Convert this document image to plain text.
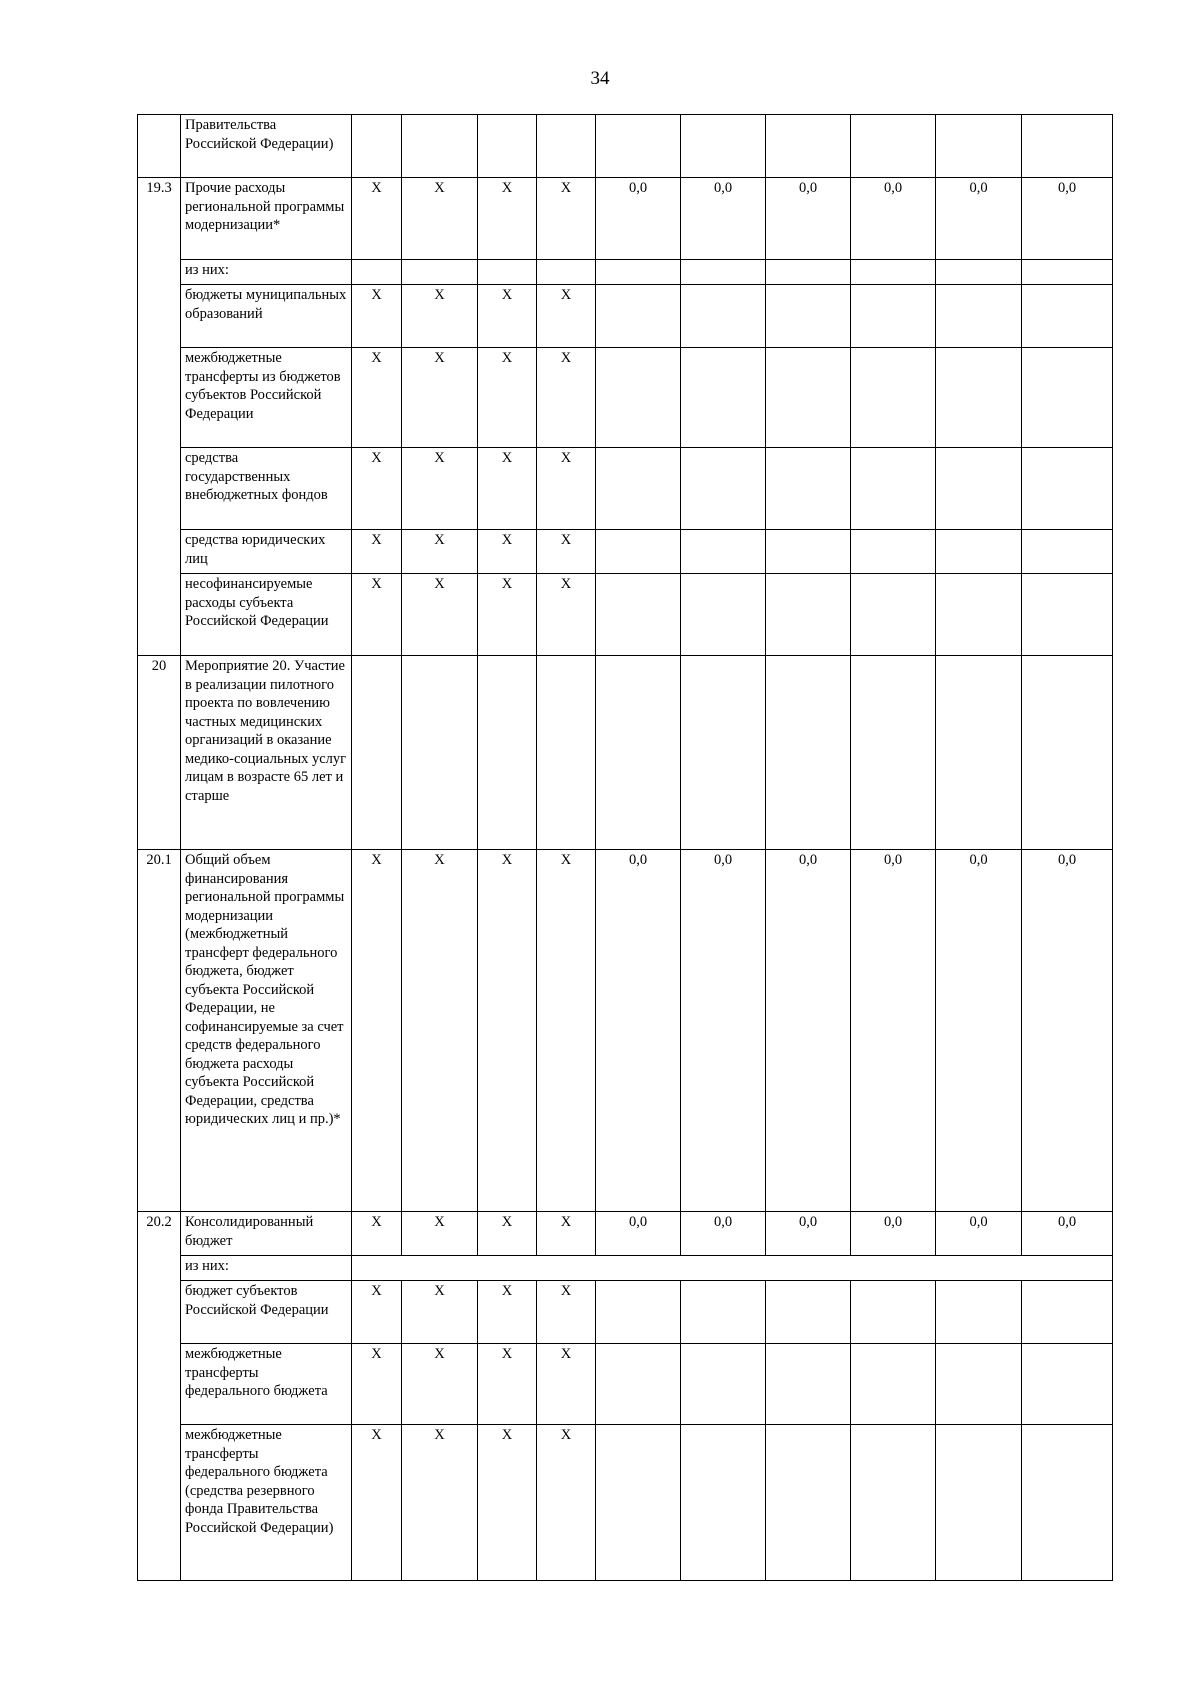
34
	Правительства Российской Федерации)										
19.3	Прочие расходы региональной программы модернизации*	X	X	X	X	0,0	0,0	0,0	0,0	0,0	0,0
	из них:										
	бюджеты муниципальных образований	X	X	X	X						
	межбюджетные трансферты из бюджетов субъектов Российской Федерации	X	X	X	X						
	средства государственных внебюджетных фондов	X	X	X	X						
	средства юридических лиц	X	X	X	X						
	несофинансируемые расходы субъекта Российской Федерации	X	X	X	X						
20	Мероприятие 20. Участие в реализации пилотного проекта по вовлечению частных медицинских организаций в оказание медико-социальных услуг лицам в возрасте 65 лет и старше										
20.1	Общий объем финансирования региональной программы модернизации (межбюджетный трансферт федерального бюджета, бюджет субъекта Российской Федерации, не софинансируемые за счет средств федерального бюджета расходы субъекта Российской Федерации, средства юридических лиц и пр.)*	X	X	X	X	0,0	0,0	0,0	0,0	0,0	0,0
20.2	Консолидированный бюджет	X	X	X	X	0,0	0,0	0,0	0,0	0,0	0,0
	из них:										
	бюджет субъектов Российской Федерации	X	X	X	X						
	межбюджетные трансферты федерального бюджета	X	X	X	X						
	межбюджетные трансферты федерального бюджета (средства резервного фонда Правительства Российской Федерации)	X	X	X	X						
